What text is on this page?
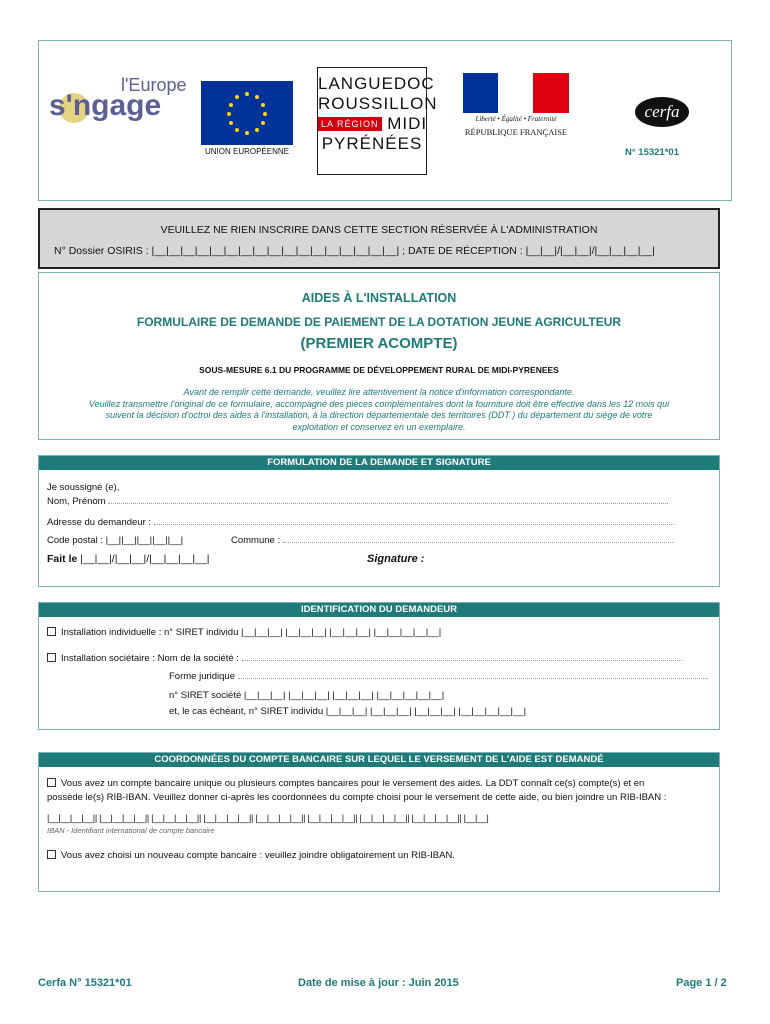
l'Europe
s'ngage
UNION EUROPÉENNE
LANGUEDOC
ROUSSILLON
LA RÉGION MIDI
PYRÉNÉES
Liberté • Égalité • Fraternité
RÉPUBLIQUE FRANÇAISE
cerfa
N° 15321*01
VEUILLEZ NE RIEN INSCRIRE DANS CETTE SECTION RÉSERVÉE À L'ADMINISTRATION
N° Dossier OSIRIS : |__|__|__|__|__|__|__|__|__|__|__|__|__|__|__|__|__| ; DATE DE RÉCEPTION : |__|__|/|__|__|/|__|__|__|__|
AIDES À L'INSTALLATION
FORMULAIRE DE DEMANDE DE PAIEMENT DE LA DOTATION JEUNE AGRICULTEUR
(PREMIER ACOMPTE)
SOUS-MESURE 6.1 DU PROGRAMME DE DÉVELOPPEMENT RURAL DE MIDI-PYRENEES
Avant de remplir cette demande, veuillez lire attentivement la notice d'information correspondante.
Veuillez transmettre l'original de ce formulaire, accompagné des pièces complémentaires dont la fourniture doit être effective dans les 12 mois qui
suivent la décision d'octroi des aides à l'installation, à la direction départementale des territoires (DDT ) du département du siège de votre
exploitation et conservez en un exemplaire.
FORMULATION DE LA DEMANDE ET SIGNATURE
Je soussigné (e),
Nom, Prénom
Adresse du demandeur :
Code postal : |__||__||__||__||__|	Commune :
Fait le |__|__|/|__|__|/|__|__|__|__|	Signature :
IDENTIFICATION DU DEMANDEUR
Installation individuelle : n° SIRET individu |__|__|__| |__|__|__| |__|__|__| |__|__|__|__|__|
Installation sociétaire : Nom de la société :
Forme juridique
n° SIRET société |__|__|__| |__|__|__| |__|__|__| |__|__|__|__|__|
et, le cas échéant, n° SIRET individu |__|__|__| |__|__|__| |__|__|__| |__|__|__|__|__|
COORDONNÉES DU COMPTE BANCAIRE SUR LEQUEL LE VERSEMENT DE L'AIDE EST DEMANDÉ
Vous avez un compte bancaire unique ou plusieurs comptes bancaires pour le versement des aides. La DDT connaît ce(s) compte(s) et en
possède le(s) RIB-IBAN. Veuillez donner ci-après les coordonnées du compte choisi pour le versement de cette aide, ou bien joindre un RIB-IBAN :
|__|__|__|__|| |__|__|__|__|| |__|__|__|__|| |__|__|__|__|| |__|__|__|__|| |__|__|__|__|| |__|__|__|__|| |__|__|__|__|| |__|__|
IBAN - Identifiant international de compte bancaire
Vous avez choisi un nouveau compte bancaire : veuillez joindre obligatoirement un RIB-IBAN.
Cerfa N° 15321*01	Date de mise à jour : Juin 2015	Page 1 / 2
